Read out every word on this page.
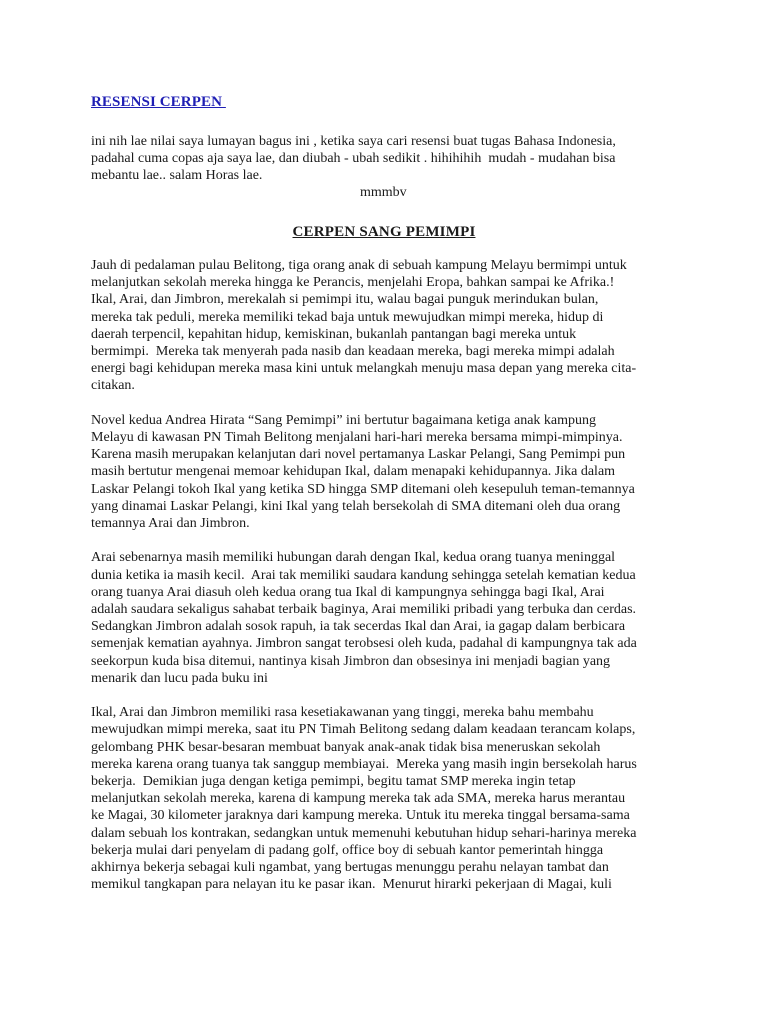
RESENSI CERPEN
ini nih lae nilai saya lumayan bagus ini , ketika saya cari resensi buat tugas Bahasa Indonesia,
padahal cuma copas aja saya lae, dan diubah - ubah sedikit . hihihihih  mudah - mudahan bisa
mebantu lae.. salam Horas lae.
mmmbv
CERPEN SANG PEMIMPI

Jauh di pedalaman pulau Belitong, tiga orang anak di sebuah kampung Melayu bermimpi untuk
melanjutkan sekolah mereka hingga ke Perancis, menjelahi Eropa, bahkan sampai ke Afrika.!
Ikal, Arai, dan Jimbron, merekalah si pemimpi itu, walau bagai punguk merindukan bulan,
mereka tak peduli, mereka memiliki tekad baja untuk mewujudkan mimpi mereka, hidup di
daerah terpencil, kepahitan hidup, kemiskinan, bukanlah pantangan bagi mereka untuk
bermimpi.  Mereka tak menyerah pada nasib dan keadaan mereka, bagi mereka mimpi adalah
energi bagi kehidupan mereka masa kini untuk melangkah menuju masa depan yang mereka cita-
citakan.

Novel kedua Andrea Hirata “Sang Pemimpi” ini bertutur bagaimana ketiga anak kampung
Melayu di kawasan PN Timah Belitong menjalani hari-hari mereka bersama mimpi-mimpinya.
Karena masih merupakan kelanjutan dari novel pertamanya Laskar Pelangi, Sang Pemimpi pun
masih bertutur mengenai memoar kehidupan Ikal, dalam menapaki kehidupannya. Jika dalam
Laskar Pelangi tokoh Ikal yang ketika SD hingga SMP ditemani oleh kesepuluh teman-temannya
yang dinamai Laskar Pelangi, kini Ikal yang telah bersekolah di SMA ditemani oleh dua orang
temannya Arai dan Jimbron.

Arai sebenarnya masih memiliki hubungan darah dengan Ikal, kedua orang tuanya meninggal
dunia ketika ia masih kecil.  Arai tak memiliki saudara kandung sehingga setelah kematian kedua
orang tuanya Arai diasuh oleh kedua orang tua Ikal di kampungnya sehingga bagi Ikal, Arai
adalah saudara sekaligus sahabat terbaik baginya, Arai memiliki pribadi yang terbuka dan cerdas.
Sedangkan Jimbron adalah sosok rapuh, ia tak secerdas Ikal dan Arai, ia gagap dalam berbicara
semenjak kematian ayahnya. Jimbron sangat terobsesi oleh kuda, padahal di kampungnya tak ada
seekorpun kuda bisa ditemui, nantinya kisah Jimbron dan obsesinya ini menjadi bagian yang
menarik dan lucu pada buku ini

Ikal, Arai dan Jimbron memiliki rasa kesetiakawanan yang tinggi, mereka bahu membahu
mewujudkan mimpi mereka, saat itu PN Timah Belitong sedang dalam keadaan terancam kolaps,
gelombang PHK besar-besaran membuat banyak anak-anak tidak bisa meneruskan sekolah
mereka karena orang tuanya tak sanggup membiayai.  Mereka yang masih ingin bersekolah harus
bekerja.  Demikian juga dengan ketiga pemimpi, begitu tamat SMP mereka ingin tetap
melanjutkan sekolah mereka, karena di kampung mereka tak ada SMA, mereka harus merantau
ke Magai, 30 kilometer jaraknya dari kampung mereka. Untuk itu mereka tinggal bersama-sama
dalam sebuah los kontrakan, sedangkan untuk memenuhi kebutuhan hidup sehari-harinya mereka
bekerja mulai dari penyelam di padang golf, office boy di sebuah kantor pemerintah hingga
akhirnya bekerja sebagai kuli ngambat, yang bertugas menunggu perahu nelayan tambat dan
memikul tangkapan para nelayan itu ke pasar ikan.  Menurut hirarki pekerjaan di Magai, kuli
